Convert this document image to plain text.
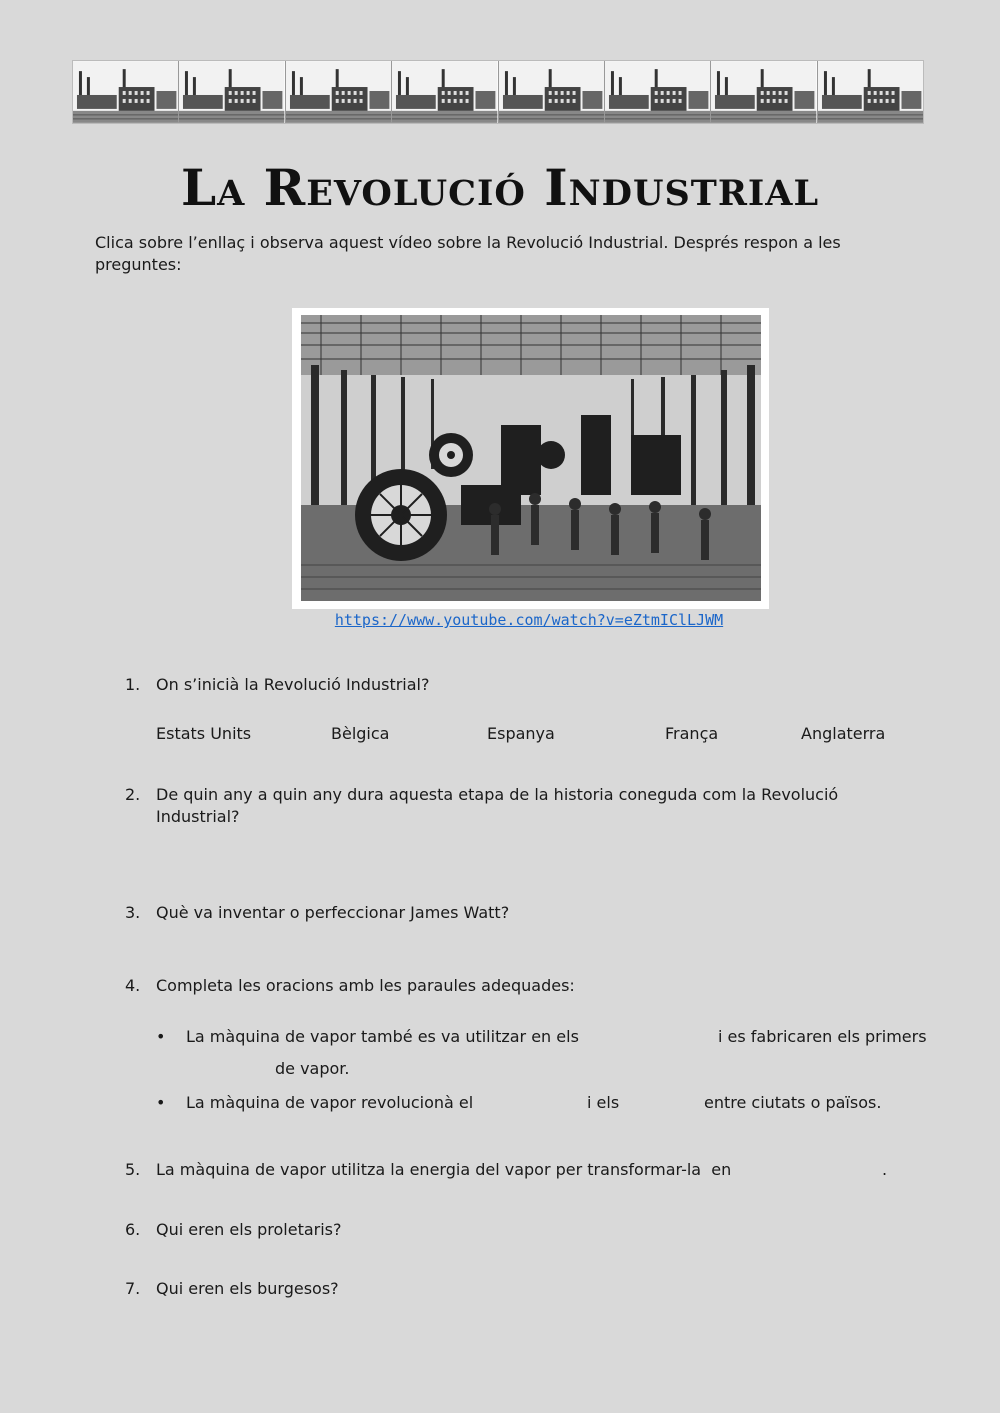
La Revolució Industrial

Clica sobre l’enllaç i observa aquest vídeo sobre la Revolució Industrial. Després respon a les preguntes:

https://www.youtube.com/watch?v=eZtmIClLJWM
1. On s’inicià la Revolució Industrial?
Estats Units	Bèlgica	Espanya	França	Anglaterra
2. De quin any a quin any dura aquesta etapa de la historia coneguda com la Revolució Industrial?
3. Què va inventar o perfeccionar James Watt?
4. Completa les oracions amb les paraules adequades:
• La màquina de vapor també es va utilitzar en els	i es fabricaren els primers
de vapor.
• La màquina de vapor revolucionà el	i els	entre ciutats o països.
5. La màquina de vapor utilitza la energia del vapor per transformar-la  en	.
6. Qui eren els proletaris?
7. Qui eren els burgesos?
